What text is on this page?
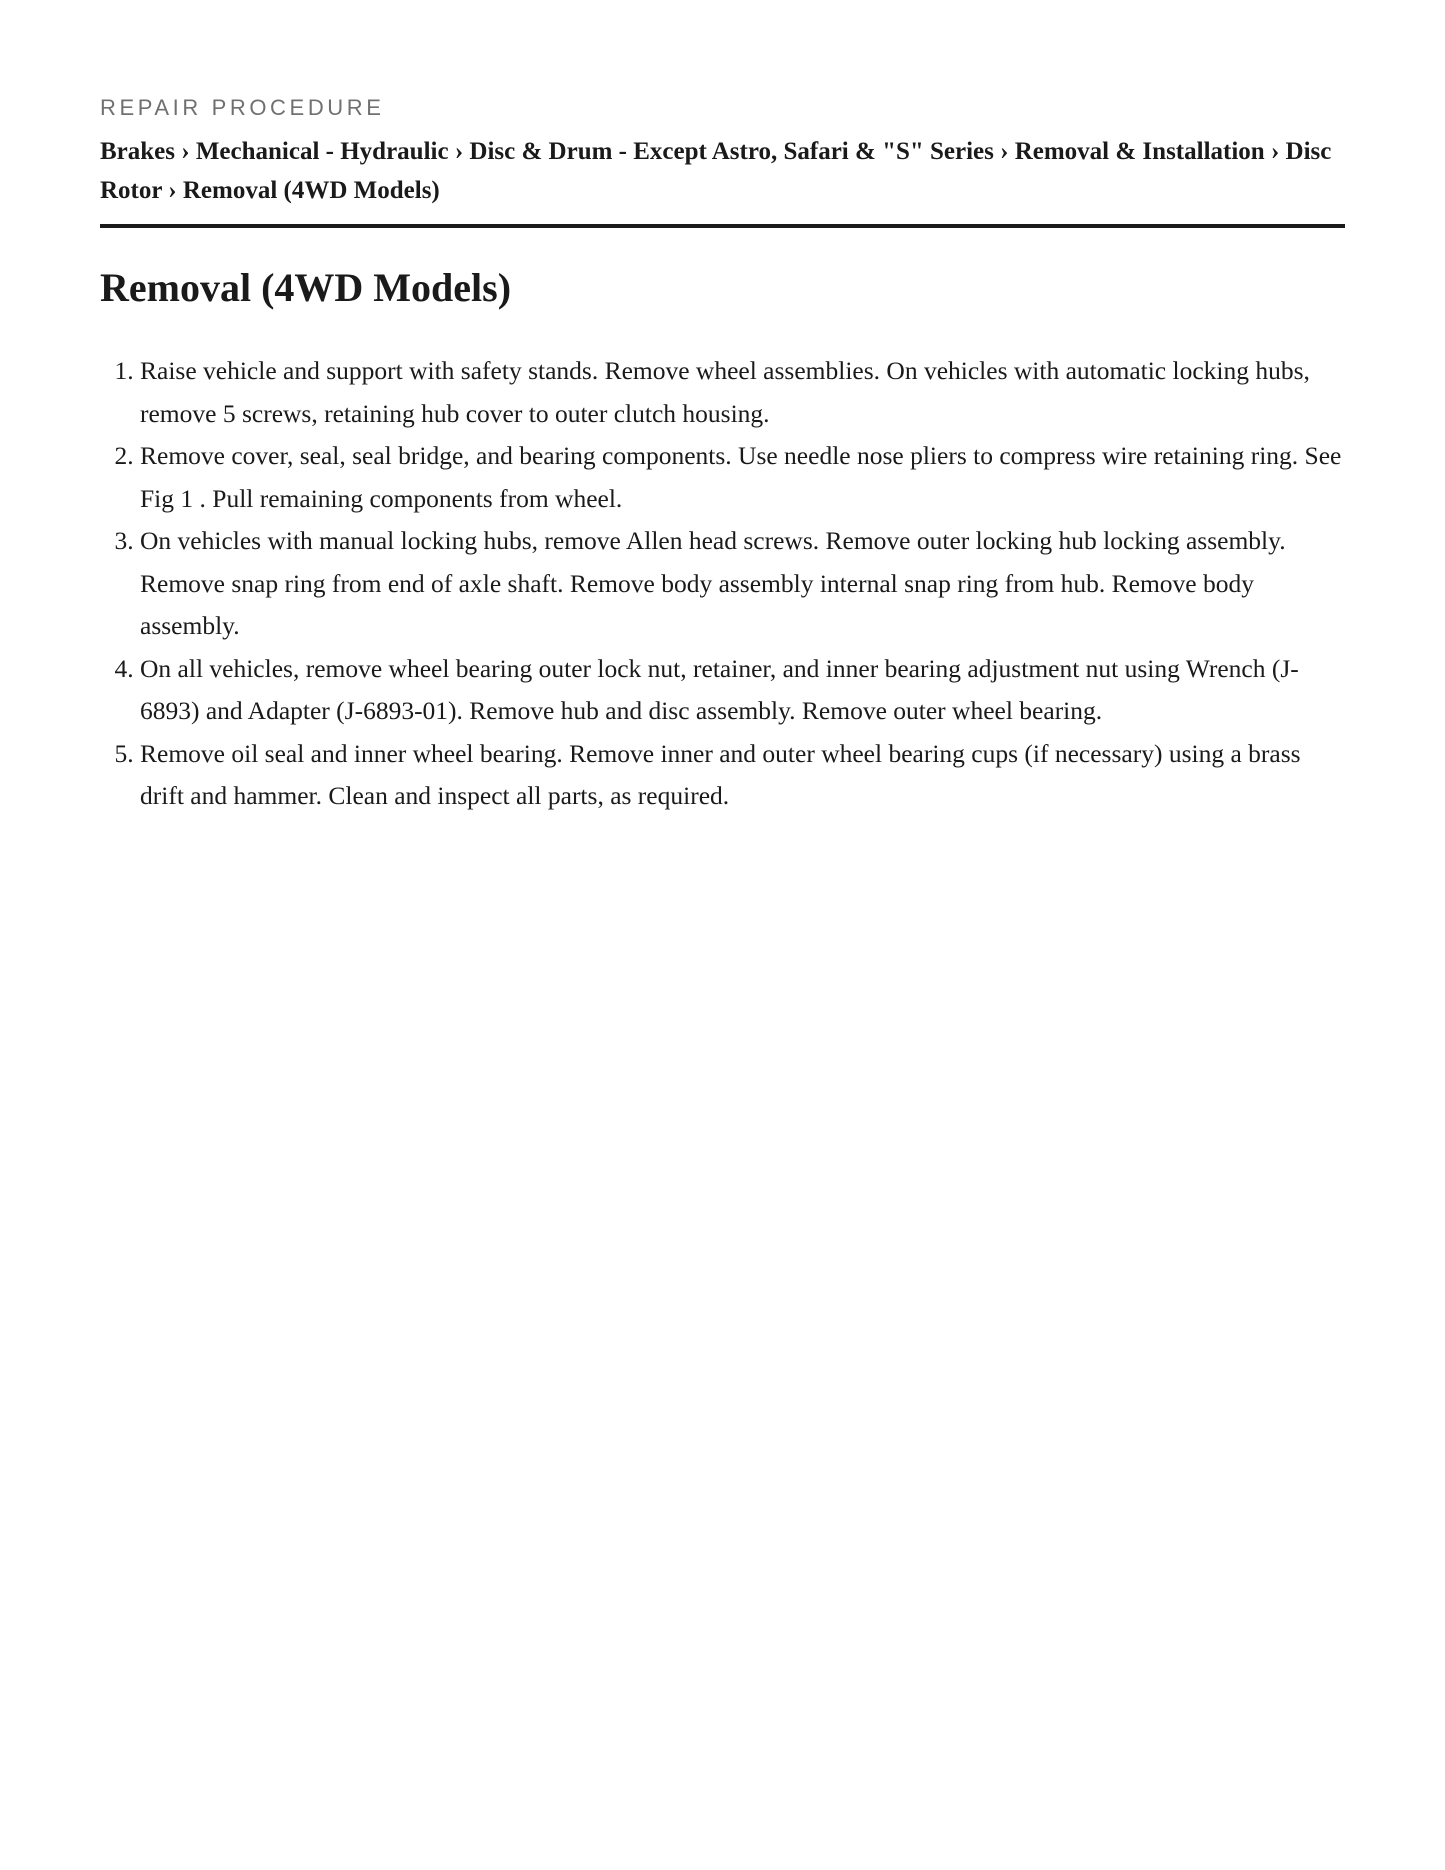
REPAIR PROCEDURE
Brakes › Mechanical - Hydraulic › Disc & Drum - Except Astro, Safari & "S" Series › Removal & Installation › Disc Rotor › Removal (4WD Models)
Removal (4WD Models)
1. Raise vehicle and support with safety stands. Remove wheel assemblies. On vehicles with automatic locking hubs, remove 5 screws, retaining hub cover to outer clutch housing.
2. Remove cover, seal, seal bridge, and bearing components. Use needle nose pliers to compress wire retaining ring. See Fig 1 . Pull remaining components from wheel.
3. On vehicles with manual locking hubs, remove Allen head screws. Remove outer locking hub locking assembly. Remove snap ring from end of axle shaft. Remove body assembly internal snap ring from hub. Remove body assembly.
4. On all vehicles, remove wheel bearing outer lock nut, retainer, and inner bearing adjustment nut using Wrench (J-6893) and Adapter (J-6893-01). Remove hub and disc assembly. Remove outer wheel bearing.
5. Remove oil seal and inner wheel bearing. Remove inner and outer wheel bearing cups (if necessary) using a brass drift and hammer. Clean and inspect all parts, as required.
